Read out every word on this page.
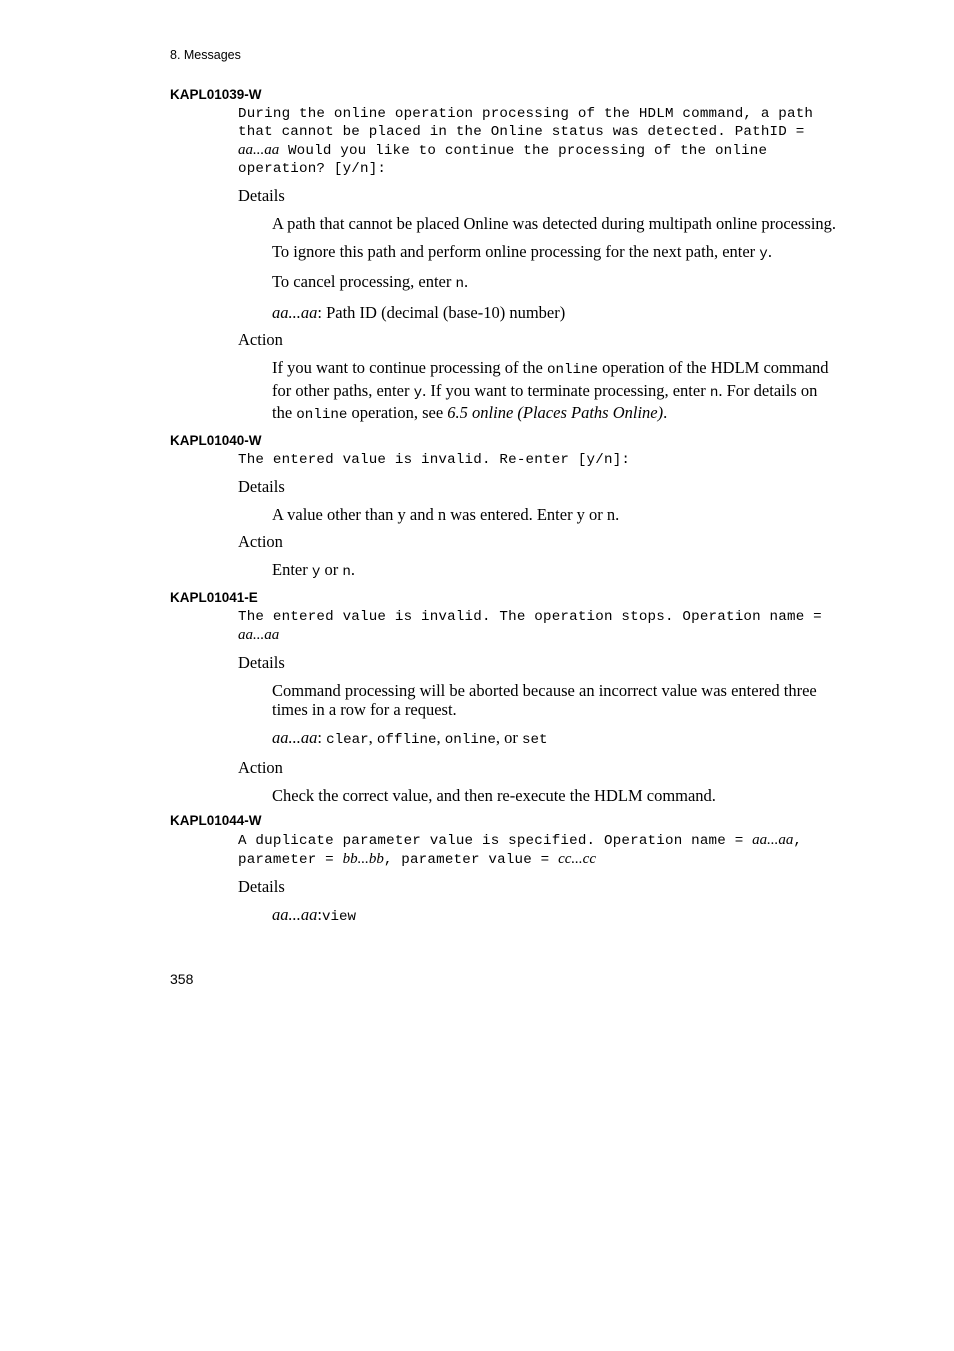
8. Messages
KAPL01039-W
During the online operation processing of the HDLM command, a path that cannot be placed in the Online status was detected. PathID = aa...aa Would you like to continue the processing of the online operation? [y/n]:
Details
A path that cannot be placed Online was detected during multipath online processing.
To ignore this path and perform online processing for the next path, enter y.
To cancel processing, enter n.
aa...aa: Path ID (decimal (base-10) number)
Action
If you want to continue processing of the online operation of the HDLM command for other paths, enter y. If you want to terminate processing, enter n. For details on the online operation, see 6.5 online (Places Paths Online).
KAPL01040-W
The entered value is invalid. Re-enter [y/n]:
Details
A value other than y and n was entered. Enter y or n.
Action
Enter y or n.
KAPL01041-E
The entered value is invalid. The operation stops. Operation name = aa...aa
Details
Command processing will be aborted because an incorrect value was entered three times in a row for a request.
aa...aa: clear, offline, online, or set
Action
Check the correct value, and then re-execute the HDLM command.
KAPL01044-W
A duplicate parameter value is specified. Operation name = aa...aa, parameter = bb...bb, parameter value = cc...cc
Details
aa...aa:view
358
